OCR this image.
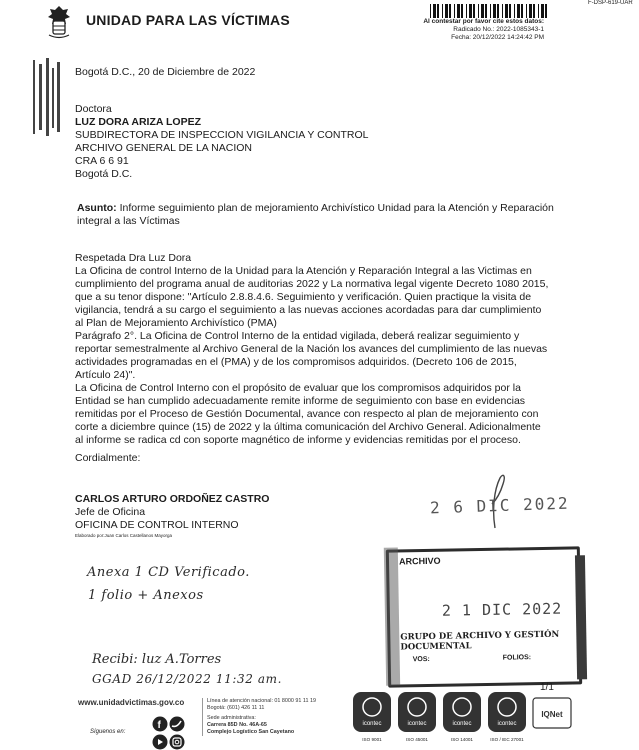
UNIDAD PARA LAS VÍCTIMAS
F-DSP-619-UAR
Al contestar por favor cite estos datos:
Radicado No.: 2022-1085343-1
Fecha: 20/12/2022 14:24:42 PM
Bogotá D.C., 20 de Diciembre de 2022
Doctora
LUZ DORA ARIZA LOPEZ
SUBDIRECTORA DE INSPECCION VIGILANCIA Y CONTROL
ARCHIVO GENERAL DE LA NACION
CRA 6 6 91
Bogotá D.C.
Asunto: Informe seguimiento plan de mejoramiento Archivístico Unidad para la Atención y Reparación integral a las Víctimas

Respetada Dra Luz Dora

La Oficina de control Interno de la Unidad para la Atención y Reparación Integral a las Victimas en cumplimiento del programa anual de auditorias 2022 y La normativa legal vigente Decreto 1080 2015, que a su tenor dispone: "Artículo 2.8.8.4.6. Seguimiento y verificación. Quien practique la visita de vigilancia, tendrá a su cargo el seguimiento a las nuevas acciones acordadas para dar cumplimiento al Plan de Mejoramiento Archivístico (PMA)

Parágrafo 2°. La Oficina de Control Interno de la entidad vigilada, deberá realizar seguimiento y reportar semestralmente al Archivo General de la Nación los avances del cumplimiento de las nuevas actividades programadas en el (PMA) y de los compromisos adquiridos. (Decreto 106 de 2015, Artículo 24)".

La Oficina de Control Interno con el propósito de evaluar que los compromisos adquiridos por la Entidad se han cumplido adecuadamente remite informe de seguimiento con base en evidencias remitidas por el Proceso de Gestión Documental, avance con respecto al plan de mejoramiento con corte a diciembre quince (15) de 2022 y la última comunicación del Archivo General. Adicionalmente al informe se radica cd con soporte magnético de informe y evidencias remitidas por el proceso.

Cordialmente:
CARLOS ARTURO ORDOÑEZ CASTRO
Jefe de Oficina
OFICINA DE CONTROL INTERNO
Elaborado por:Juan Carlos Castellanos Mayorga
2 6 DIC 2022
Anexa 1 CD Verificado.
1 folio + Anexos
Recibi: luz A.Torres
GGAD 26/12/2022 11:32 am.
ARCHIVO
2 1 DIC 2022
GRUPO DE ARCHIVO Y GESTIÓN DOCUMENTAL
VOS:	FOLIOS:
1/1
www.unidadvictimas.gov.co
Síguenos en:
f
Línea de atención nacional: 01 8000 91 11 19
Bogotá: (601) 426 11 11
Sede administrativa:
Carrera 85D No. 46A-65
Complejo Logístico San Cayetano
icontec	icontec	icontec	icontec
IQNet
ISO 9001	ISO 45001	ISO 14001	ISO / IEC 27001
